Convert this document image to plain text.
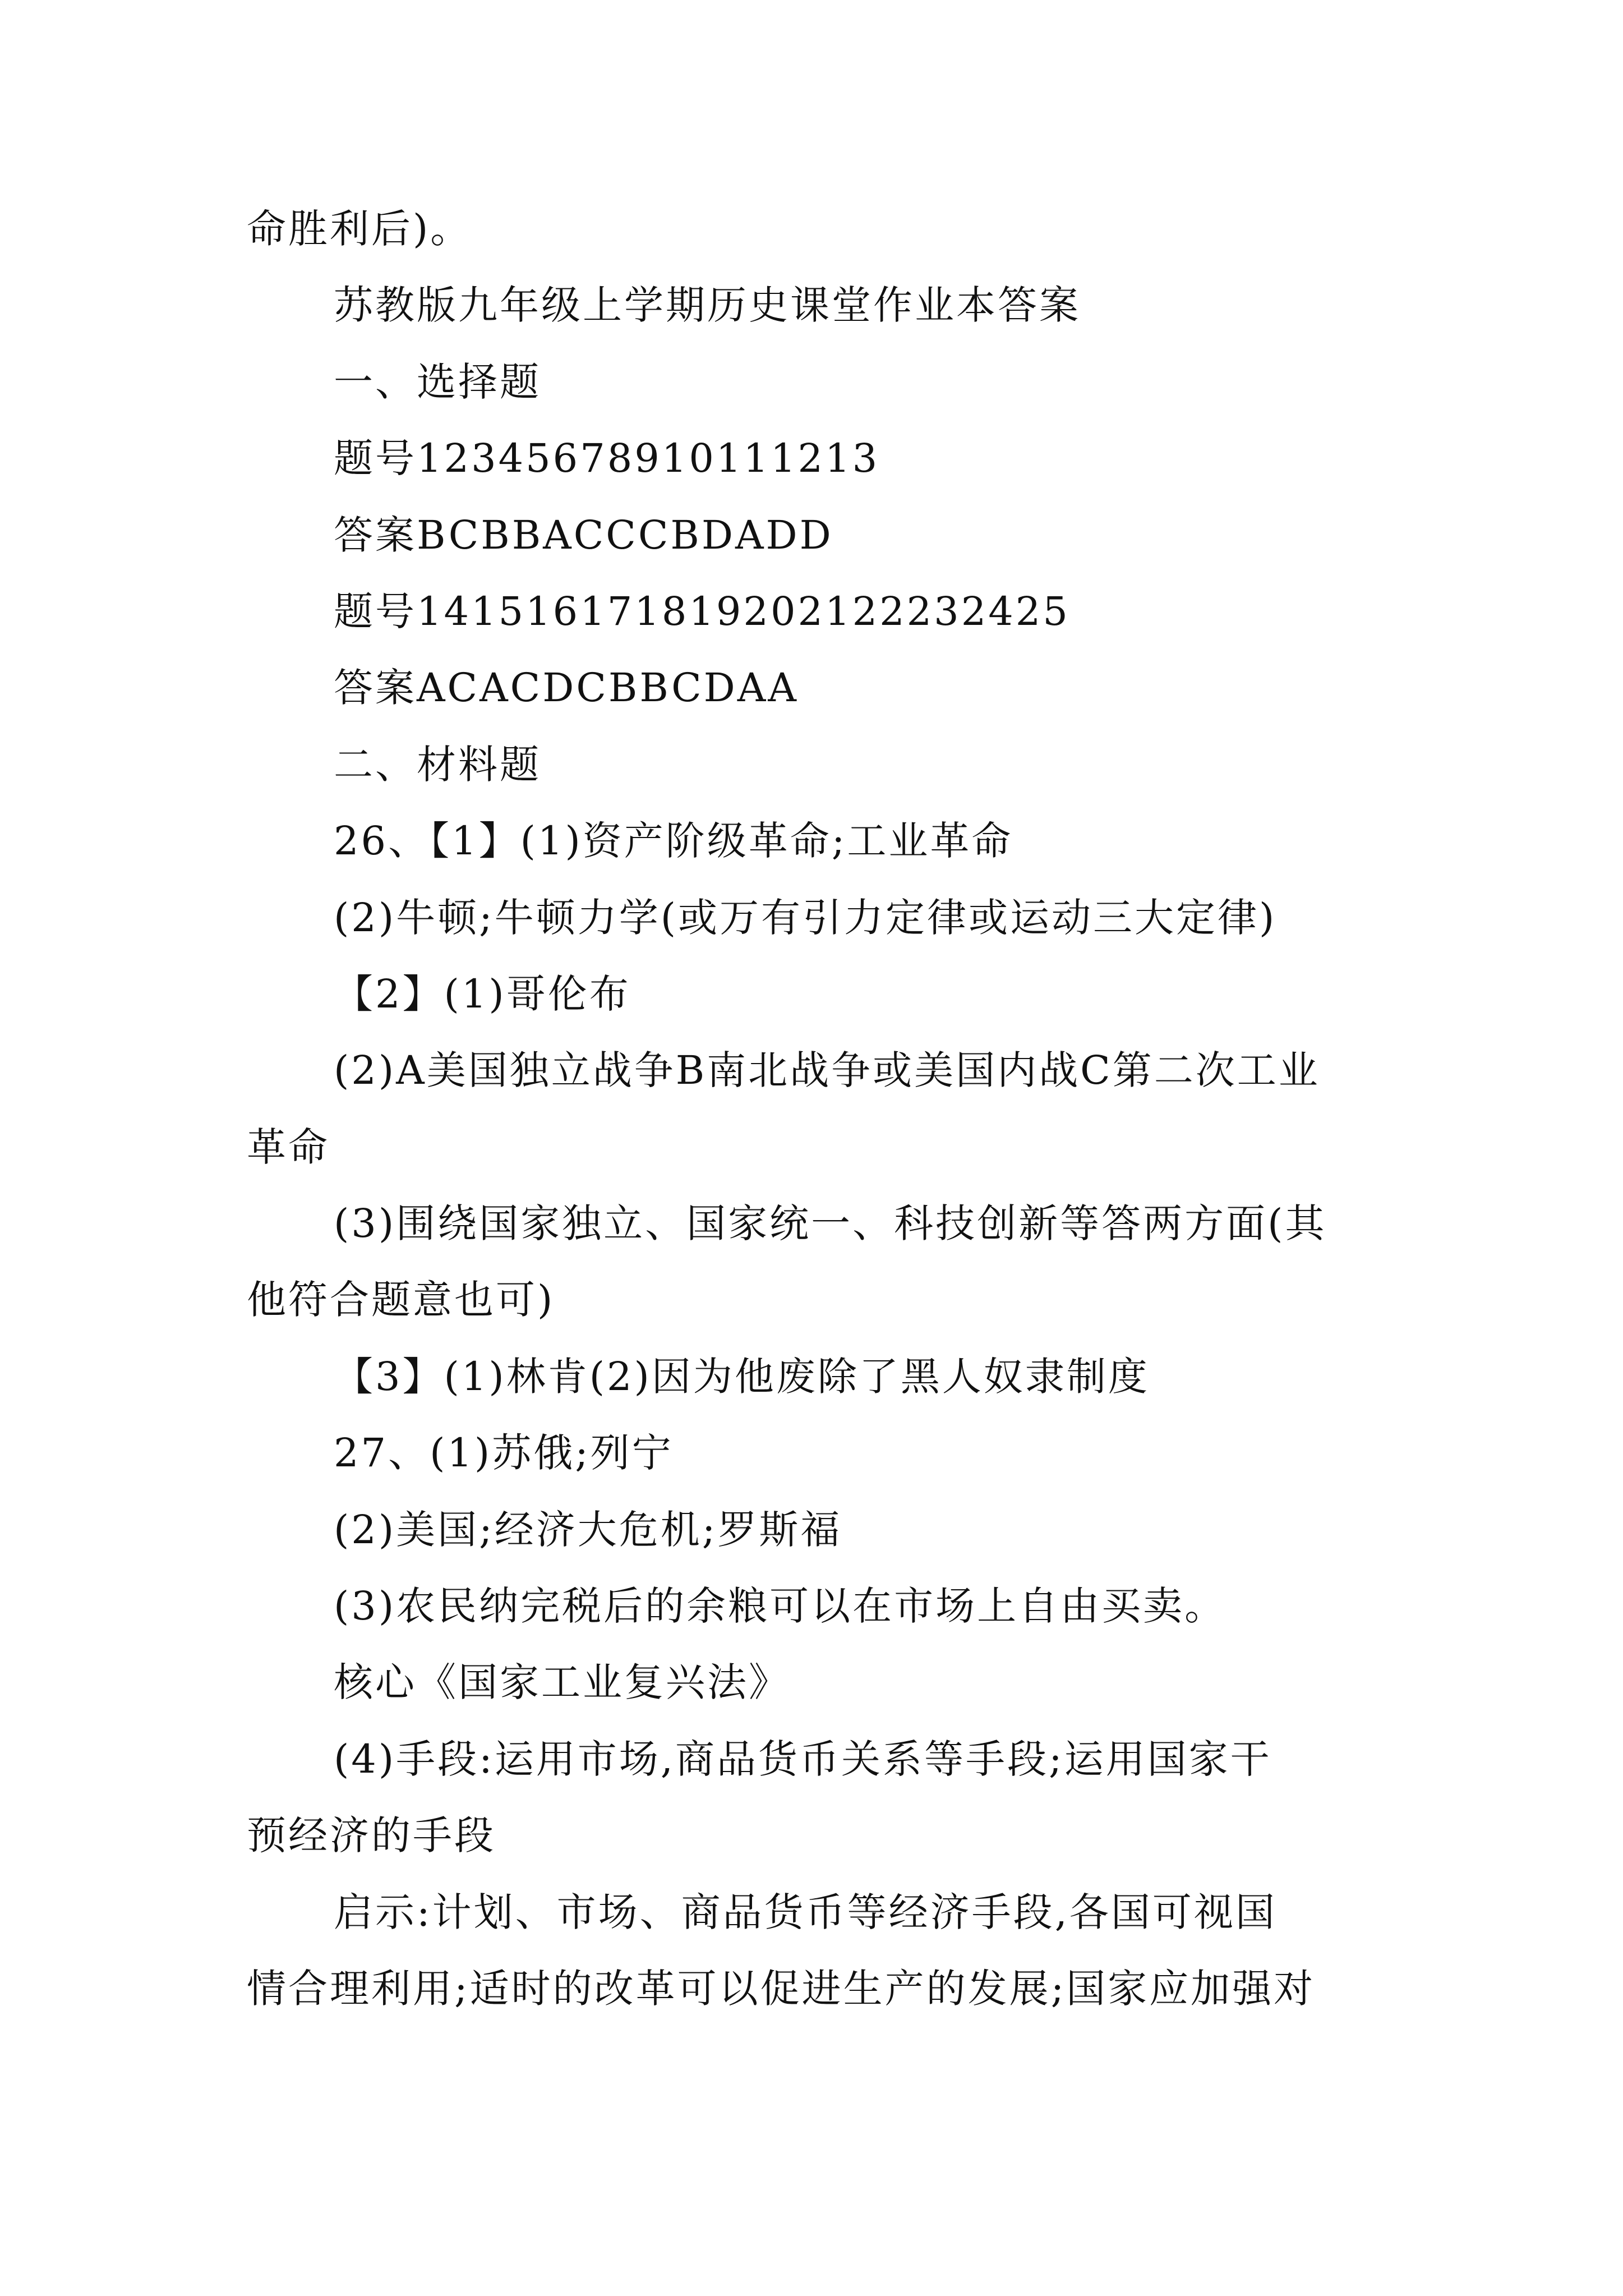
命胜利后)。
苏教版九年级上学期历史课堂作业本答案
一、选择题
题号12345678910111213
答案BCBBACCCBDADD
题号141516171819202122232425
答案ACACDCBBCDAA
二、材料题
26、【1】(1)资产阶级革命;工业革命
(2)牛顿;牛顿力学(或万有引力定律或运动三大定律)
【2】(1)哥伦布
(2)A美国独立战争B南北战争或美国内战C第二次工业
革命
(3)围绕国家独立、国家统一、科技创新等答两方面(其
他符合题意也可)
【3】(1)林肯(2)因为他废除了黑人奴隶制度
27、(1)苏俄;列宁
(2)美国;经济大危机;罗斯福
(3)农民纳完税后的余粮可以在市场上自由买卖。
核心《国家工业复兴法》
(4)手段:运用市场,商品货币关系等手段;运用国家干
预经济的手段
启示:计划、市场、商品货币等经济手段,各国可视国
情合理利用;适时的改革可以促进生产的发展;国家应加强对
